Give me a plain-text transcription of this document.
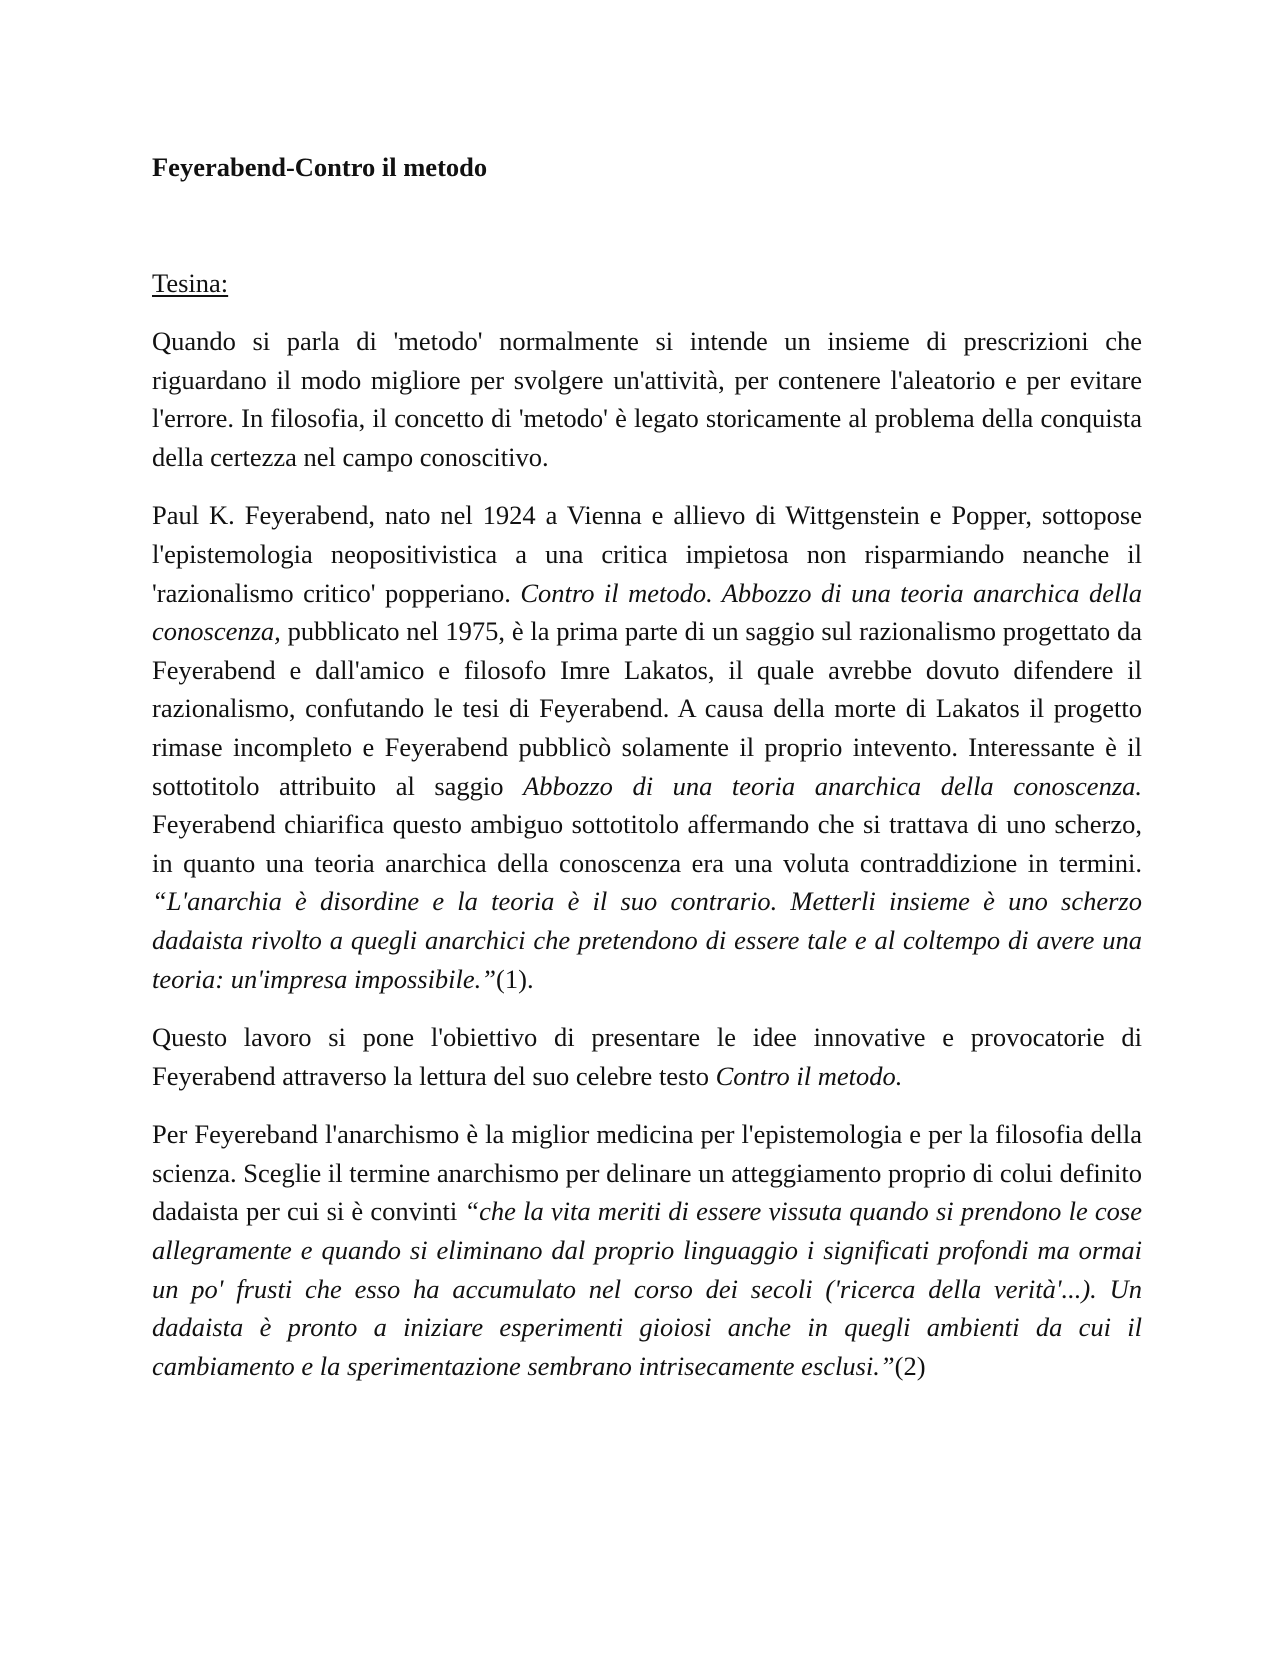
Feyerabend-Contro il metodo

Tesina:

Quando si parla di 'metodo' normalmente si intende un insieme di prescrizioni che riguardano il modo migliore per svolgere un'attività, per contenere l'aleatorio e per evitare l'errore. In filosofia, il concetto di 'metodo' è legato storicamente al problema della conquista della certezza nel campo conoscitivo.

Paul K. Feyerabend, nato nel 1924 a Vienna e allievo di Wittgenstein e Popper, sottopose l'epistemologia neopositivistica a una critica impietosa non risparmiando neanche il 'razionalismo critico' popperiano. Contro il metodo. Abbozzo di una teoria anarchica della conoscenza, pubblicato nel 1975, è la prima parte di un saggio sul razionalismo progettato da Feyerabend e dall'amico e filosofo Imre Lakatos, il quale avrebbe dovuto difendere il razionalismo, confutando le tesi di Feyerabend. A causa della morte di Lakatos il progetto rimase incompleto e Feyerabend pubblicò solamente il proprio intevento. Interessante è il sottotitolo attribuito al saggio Abbozzo di una teoria anarchica della conoscenza. Feyerabend chiarifica questo ambiguo sottotitolo affermando che si trattava di uno scherzo, in quanto una teoria anarchica della conoscenza era una voluta contraddizione in termini. “L'anarchia è disordine e la teoria è il suo contrario. Metterli insieme è uno scherzo dadaista rivolto a quegli anarchici che pretendono di essere tale e al coltempo di avere una teoria: un'impresa impossibile.”(1).

Questo lavoro si pone l'obiettivo di presentare le idee innovative e provocatorie di Feyerabend attraverso la lettura del suo celebre testo Contro il metodo.

Per Feyereband l'anarchismo è la miglior medicina per l'epistemologia e per la filosofia della scienza. Sceglie il termine anarchismo per delinare un atteggiamento proprio di colui definito dadaista per cui si è convinti “che la vita meriti di essere vissuta quando si prendono le cose allegramente e quando si eliminano dal proprio linguaggio i significati profondi ma ormai un po' frusti che esso ha accumulato nel corso dei secoli ('ricerca della verità'...). Un dadaista è pronto a iniziare esperimenti gioiosi anche in quegli ambienti da cui il cambiamento e la sperimentazione sembrano intrisecamente esclusi.”(2)
